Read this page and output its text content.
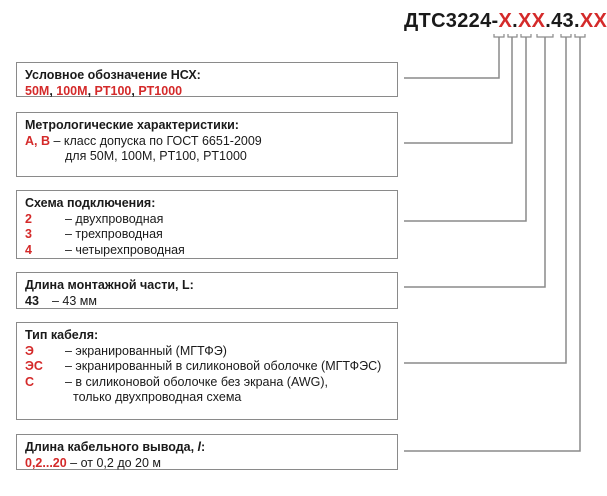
ДТС3224-X.XX.43.XX
Условное обозначение НСХ:
50М, 100М, PT100, PT1000
Метрологические характеристики:
А, В – класс допуска по ГОСТ 6651-2009
для 50М, 100М, PT100, PT1000
Схема подключения:
2	– двухпроводная
3	– трехпроводная
4	– четырехпроводная
Длина монтажной части, L:
43	– 43 мм
Тип кабеля:
Э	– экранированный (МГТФЭ)
ЭС	– экранированный в силиконовой оболочке (МГТФЭС)
С	– в силиконовой оболочке без экрана (AWG),
только двухпроводная схема
Длина кабельного вывода, l:
0,2...20 – от 0,2 до 20 м
